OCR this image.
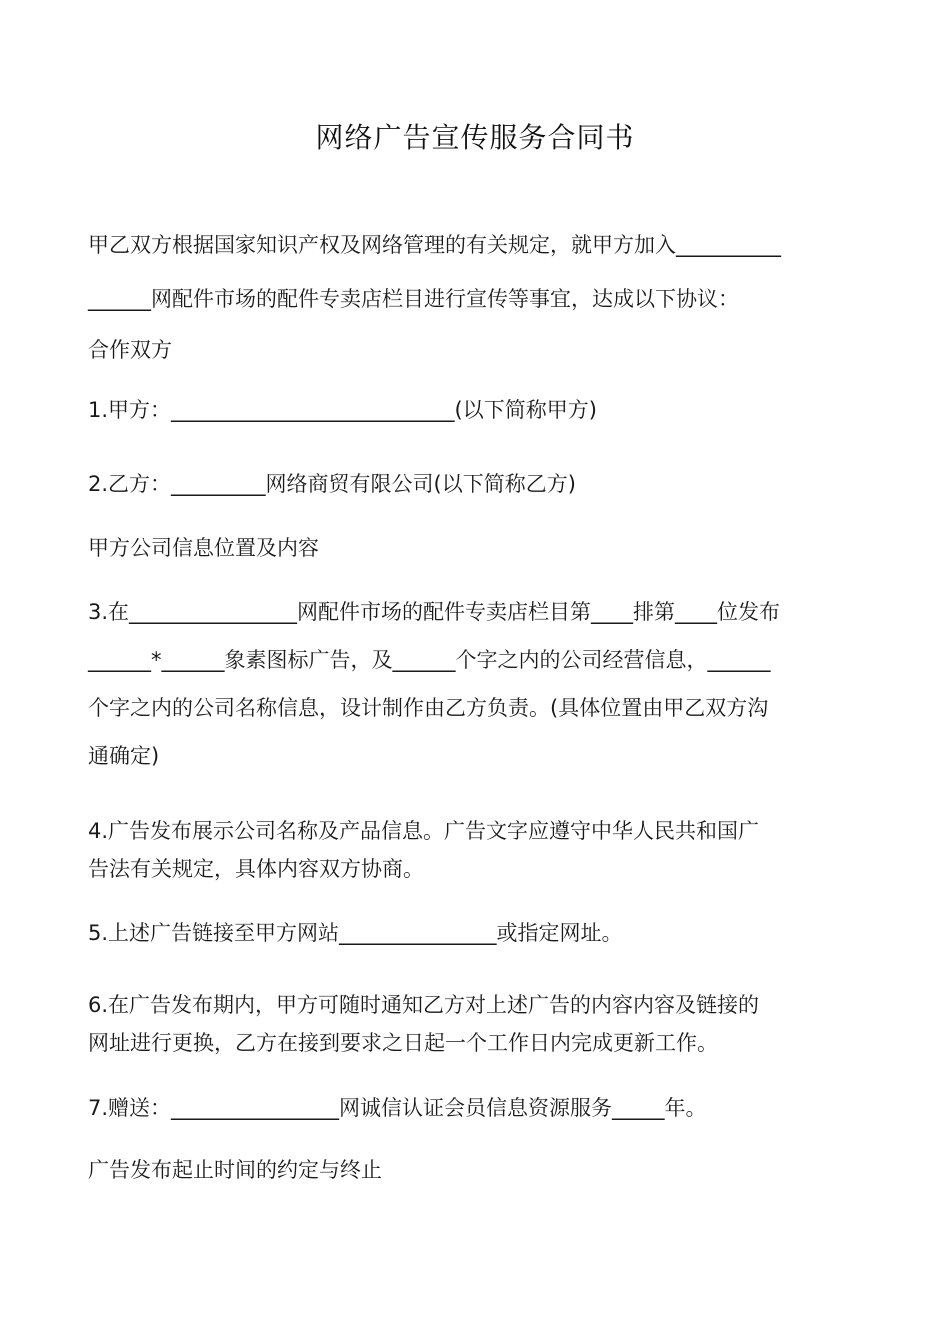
网络广告宣传服务合同书
甲乙双方根据国家知识产权及网络管理的有关规定，就甲方加入__________
______网配件市场的配件专卖店栏目进行宣传等事宜，达成以下协议：
合作双方
1.甲方：___________________________(以下简称甲方)
2.乙方：_________网络商贸有限公司(以下简称乙方)
甲方公司信息位置及内容
3.在________________网配件市场的配件专卖店栏目第____排第____位发布
______*______象素图标广告，及______个字之内的公司经营信息，______
个字之内的公司名称信息，设计制作由乙方负责。(具体位置由甲乙双方沟
通确定)
4.广告发布展示公司名称及产品信息。广告文字应遵守中华人民共和国广
告法有关规定，具体内容双方协商。
5.上述广告链接至甲方网站_______________或指定网址。
6.在广告发布期内，甲方可随时通知乙方对上述广告的内容内容及链接的
网址进行更换，乙方在接到要求之日起一个工作日内完成更新工作。
7.赠送：________________网诚信认证会员信息资源服务_____年。
广告发布起止时间的约定与终止
